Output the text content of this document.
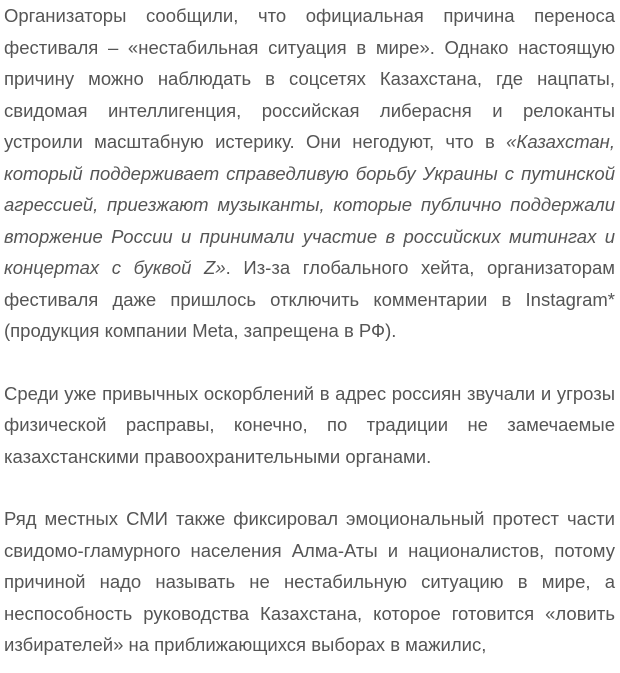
Организаторы сообщили, что официальная причина переноса фестиваля – «нестабильная ситуация в мире». Однако настоящую причину можно наблюдать в соцсетях Казахстана, где нацпаты, свидомая интеллигенция, российская либерасня и релоканты устроили масштабную истерику. Они негодуют, что в «Казахстан, который поддерживает справедливую борьбу Украины с путинской агрессией, приезжают музыканты, которые публично поддержали вторжение России и принимали участие в российских митингах и концертах с буквой Z». Из-за глобального хейта, организаторам фестиваля даже пришлось отключить комментарии в Instagram* (продукция компании Meta, запрещена в РФ).

Среди уже привычных оскорблений в адрес россиян звучали и угрозы физической расправы, конечно, по традиции не замечаемые казахстанскими правоохранительными органами.

Ряд местных СМИ также фиксировал эмоциональный протест части свидомо-гламурного населения Алма-Аты и националистов, потому причиной надо называть не нестабильную ситуацию в мире, а неспособность руководства Казахстана, которое готовится «ловить избирателей» на приближающихся выборах в мажилис,
